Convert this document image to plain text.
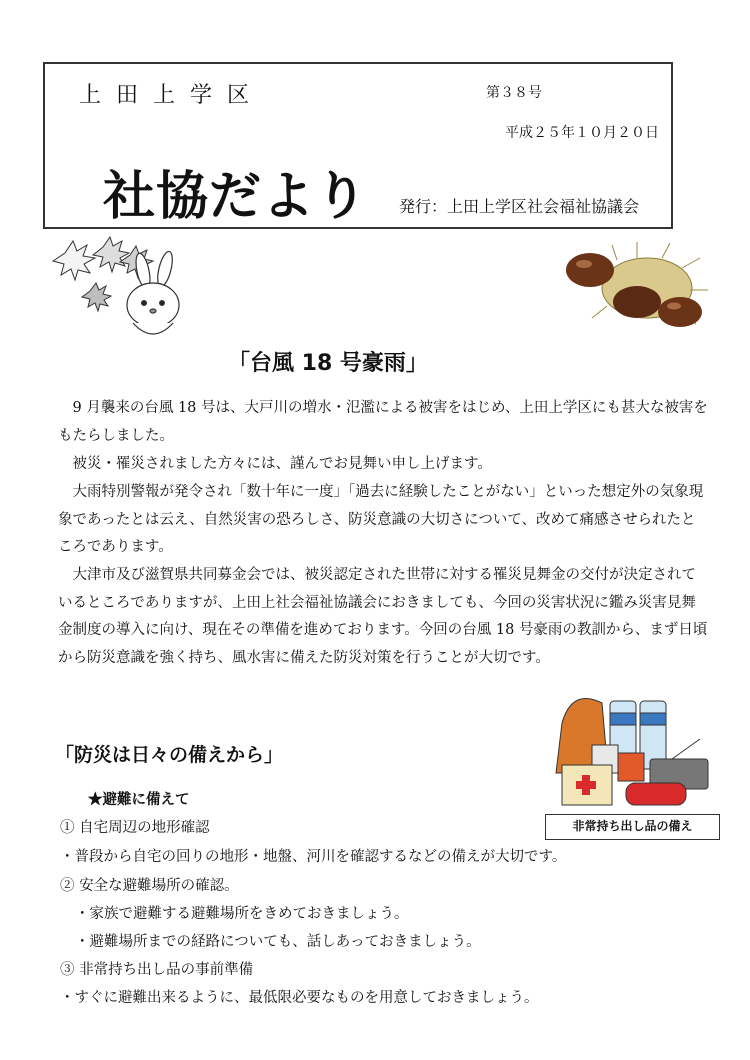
上田上学区	第３８号
平成２５年１０月２０日
社協だより 発行：上田上学区社会福祉協議会
「台風 18 号豪雨」

9 月襲来の台風 18 号は、大戸川の増水・氾濫による被害をはじめ、上田上学区にも甚大な被害をもたらしました。

被災・罹災されました方々には、謹んでお見舞い申し上げます。

大雨特別警報が発令され「数十年に一度」「過去に経験したことがない」といった想定外の気象現象であったとは云え、自然災害の恐ろしさ、防災意識の大切さについて、改めて痛感させられたところであります。

大津市及び滋賀県共同募金会では、被災認定された世帯に対する罹災見舞金の交付が決定されているところでありますが、上田上社会福祉協議会におきましても、今回の災害状況に鑑み災害見舞金制度の導入に向け、現在その準備を進めております。今回の台風 18 号豪雨の教訓から、まず日頃から防災意識を強く持ち、風水害に備えた防災対策を行うことが大切です。

非常持ち出し品の備え
「防災は日々の備えから」
★避難に備えて
① 自宅周辺の地形確認
・普段から自宅の回りの地形・地盤、河川を確認するなどの備えが大切です。
② 安全な避難場所の確認。
・家族で避難する避難場所をきめておきましょう。
・避難場所までの経路についても、話しあっておきましょう。
③ 非常持ち出し品の事前準備
・すぐに避難出来るように、最低限必要なものを用意しておきましょう。
